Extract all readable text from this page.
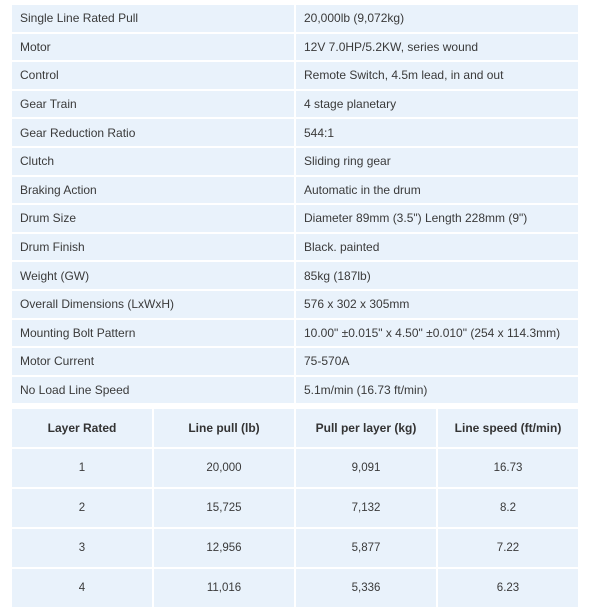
Single Line Rated Pull	20,000lb (9,072kg)
Motor	12V 7.0HP/5.2KW, series wound
Control	Remote Switch, 4.5m lead, in and out
Gear Train	4 stage planetary
Gear Reduction Ratio	544:1
Clutch	Sliding ring gear
Braking Action	Automatic in the drum
Drum Size	Diameter 89mm (3.5") Length 228mm (9")
Drum Finish	Black. painted
Weight (GW)	85kg (187lb)
Overall Dimensions (LxWxH)	576 x 302 x 305mm
Mounting Bolt Pattern	10.00" ±0.015" x 4.50" ±0.010" (254 x 114.3mm)
Motor Current	75-570A
No Load Line Speed	5.1m/min (16.73 ft/min)
Layer Rated	Line pull (lb)	Pull per layer (kg)	Line speed (ft/min)
1	20,000	9,091	16.73
2	15,725	7,132	8.2
3	12,956	5,877	7.22
4	11,016	5,336	6.23
